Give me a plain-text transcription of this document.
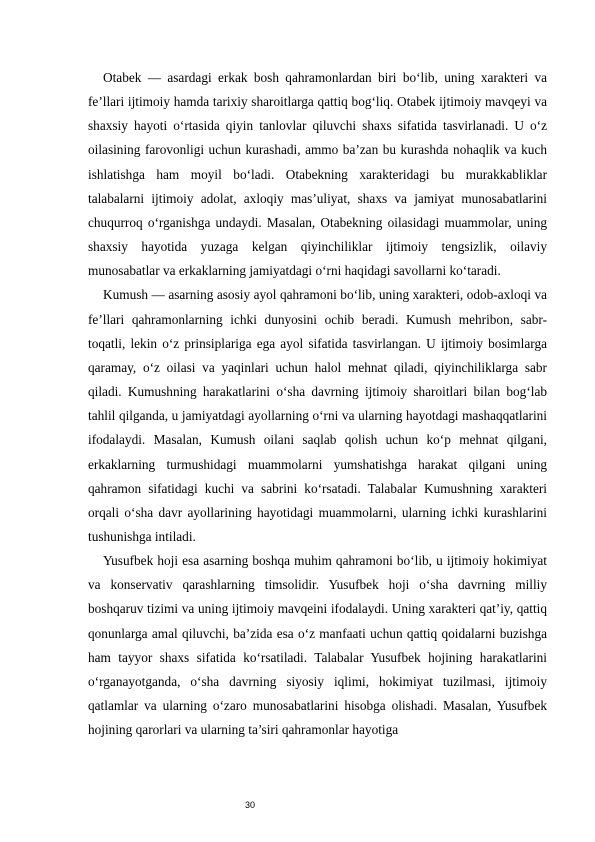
Otabek — asardagi erkak bosh qahramonlardan biri bo‘lib, uning xarakteri va fe’llari ijtimoiy hamda tarixiy sharoitlarga qattiq bog‘liq. Otabek ijtimoiy mavqeyi va shaxsiy hayoti o‘rtasida qiyin tanlovlar qiluvchi shaxs sifatida tasvirlanadi. U o‘z oilasining farovonligi uchun kurashadi, ammo ba’zan bu kurashda nohaqlik va kuch ishlatishga ham moyil bo‘ladi. Otabekning xarakteridagi bu murakkabliklar talabalarni ijtimoiy adolat, axloqiy mas’uliyat, shaxs va jamiyat munosabatlarini chuqurroq o‘rganishga undaydi. Masalan, Otabekning oilasidagi muammolar, uning shaxsiy hayotida yuzaga kelgan qiyinchiliklar ijtimoiy tengsizlik, oilaviy munosabatlar va erkaklarning jamiyatdagi o‘rni haqidagi savollarni ko‘taradi.

Kumush — asarning asosiy ayol qahramoni bo‘lib, uning xarakteri, odob-axloqi va fe’llari qahramonlarning ichki dunyosini ochib beradi. Kumush mehribon, sabr-toqatli, lekin o‘z prinsiplariga ega ayol sifatida tasvirlangan. U ijtimoiy bosimlarga qaramay, o‘z oilasi va yaqinlari uchun halol mehnat qiladi, qiyinchiliklarga sabr qiladi. Kumushning harakatlarini o‘sha davrning ijtimoiy sharoitlari bilan bog‘lab tahlil qilganda, u jamiyatdagi ayollarning o‘rni va ularning hayotdagi mashaqqatlarini ifodalaydi. Masalan, Kumush oilani saqlab qolish uchun ko‘p mehnat qilgani, erkaklarning turmushidagi muammolarni yumshatishga harakat qilgani uning qahramon sifatidagi kuchi va sabrini ko‘rsatadi. Talabalar Kumushning xarakteri orqali o‘sha davr ayollarining hayotidagi muammolarni, ularning ichki kurashlarini tushunishga intiladi.

Yusufbek hoji esa asarning boshqa muhim qahramoni bo‘lib, u ijtimoiy hokimiyat va konservativ qarashlarning timsolidir. Yusufbek hoji o‘sha davrning milliy boshqaruv tizimi va uning ijtimoiy mavqeini ifodalaydi. Uning xarakteri qat’iy, qattiq qonunlarga amal qiluvchi, ba’zida esa o‘z manfaati uchun qattiq qoidalarni buzishga ham tayyor shaxs sifatida ko‘rsatiladi. Talabalar Yusufbek hojining harakatlarini o‘rganayotganda, o‘sha davrning siyosiy iqlimi, hokimiyat tuzilmasi, ijtimoiy qatlamlar va ularning o‘zaro munosabatlarini hisobga olishadi. Masalan, Yusufbek hojining qarorlari va ularning ta’siri qahramonlar hayotiga

30
